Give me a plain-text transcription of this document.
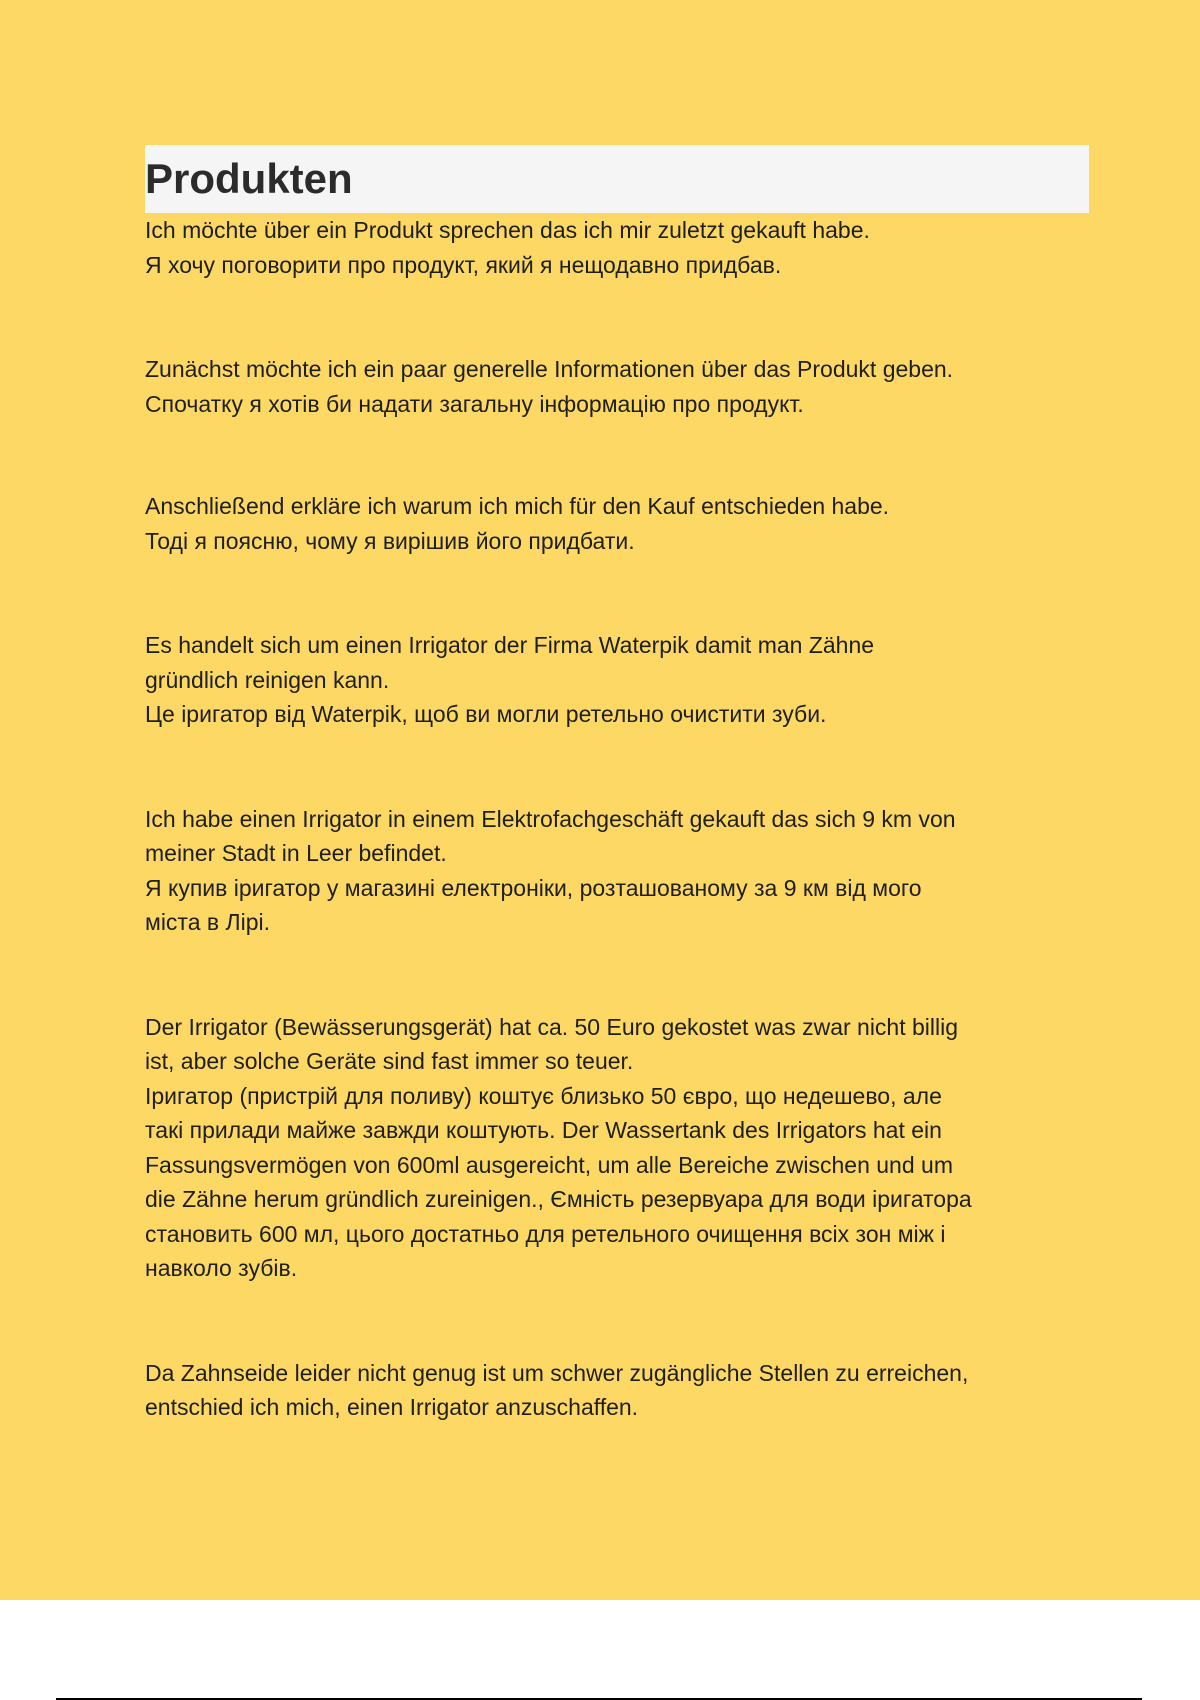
Produkten

Ich möchte über ein Produkt sprechen das ich mir zuletzt gekauft habe.
Я хочу поговорити про продукт, який я нещодавно придбав.

Zunächst möchte ich ein paar generelle Informationen über das Produkt geben.
Спочатку я хотів би надати загальну інформацію про продукт.

Anschließend erkläre ich warum ich mich für den Kauf entschieden habe.
Тоді я поясню, чому я вирішив його придбати.

Es handelt sich um einen Irrigator der Firma Waterpik damit man Zähne
gründlich reinigen kann.
Це іригатор від Waterpik, щоб ви могли ретельно очистити зуби.

Ich habe einen Irrigator in einem Elektrofachgeschäft gekauft das sich 9 km von
meiner Stadt in Leer befindet.
Я купив іригатор у магазині електроніки, розташованому за 9 км від мого
міста в Лірі.

Der Irrigator (Bewässerungsgerät) hat ca. 50 Euro gekostet was zwar nicht billig
ist, aber solche Geräte sind fast immer so teuer.
Іригатор (пристрій для поливу) коштує близько 50 євро, що недешево, але
такі прилади майже завжди коштують. Der Wassertank des Irrigators hat ein
Fassungsvermögen von 600ml ausgereicht, um alle Bereiche zwischen und um
die Zähne herum gründlich zureinigen., Ємність резервуара для води іригатора
становить 600 мл, цього достатньо для ретельного очищення всіх зон між і
навколо зубів.

Da Zahnseide leider nicht genug ist um schwer zugängliche Stellen zu erreichen,
entschied ich mich, einen Irrigator anzuschaffen.
